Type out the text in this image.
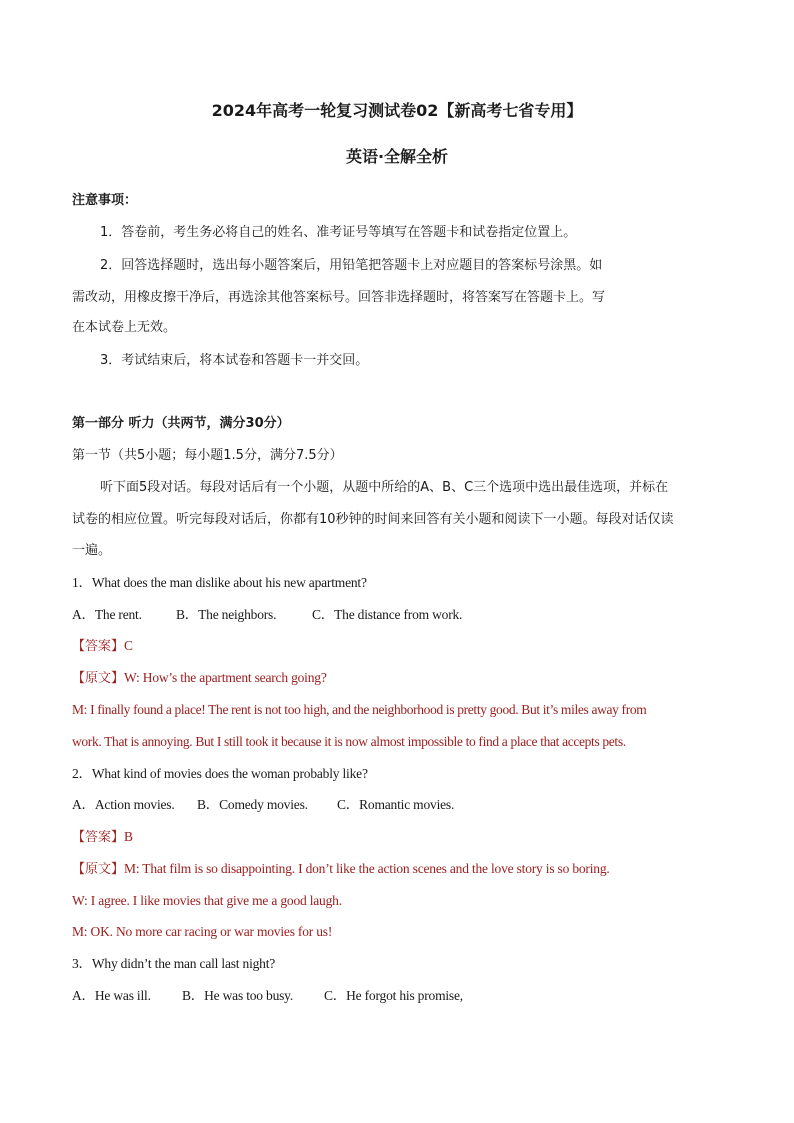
2024年高考一轮复习测试卷02【新高考七省专用】
英语·全解全析
注意事项：
1．答卷前，考生务必将自己的姓名、准考证号等填写在答题卡和试卷指定位置上。
2．回答选择题时，选出每小题答案后，用铅笔把答题卡上对应题目的答案标号涂黑。如
需改动，用橡皮擦干净后，再选涂其他答案标号。回答非选择题时，将答案写在答题卡上。写
在本试卷上无效。
3．考试结束后，将本试卷和答题卡一并交回。
第一部分 听力（共两节，满分30分）
第一节（共5小题；每小题1.5分，满分7.5分）
听下面5段对话。每段对话后有一个小题，从题中所给的A、B、C三个选项中选出最佳选项，并标在
试卷的相应位置。听完每段对话后，你都有10秒钟的时间来回答有关小题和阅读下一小题。每段对话仅读
一遍。
1．What does the man dislike about his new apartment?
A．The rent.	B．The neighbors.	C．The distance from work.
【答案】C
【原文】W: How’s the apartment search going?
M: I finally found a place! The rent is not too high, and the neighborhood is pretty good. But it’s miles away from
work. That is annoying. But I still took it because it is now almost impossible to find a place that accepts pets.
2．What kind of movies does the woman probably like?
A．Action movies. B．Comedy movies. C．Romantic movies.
【答案】B
【原文】M: That film is so disappointing. I don’t like the action scenes and the love story is so boring.
W: I agree. I like movies that give me a good laugh.
M: OK. No more car racing or war movies for us!
3．Why didn’t the man call last night?
A．He was ill. B．He was too busy. C．He forgot his promise,
